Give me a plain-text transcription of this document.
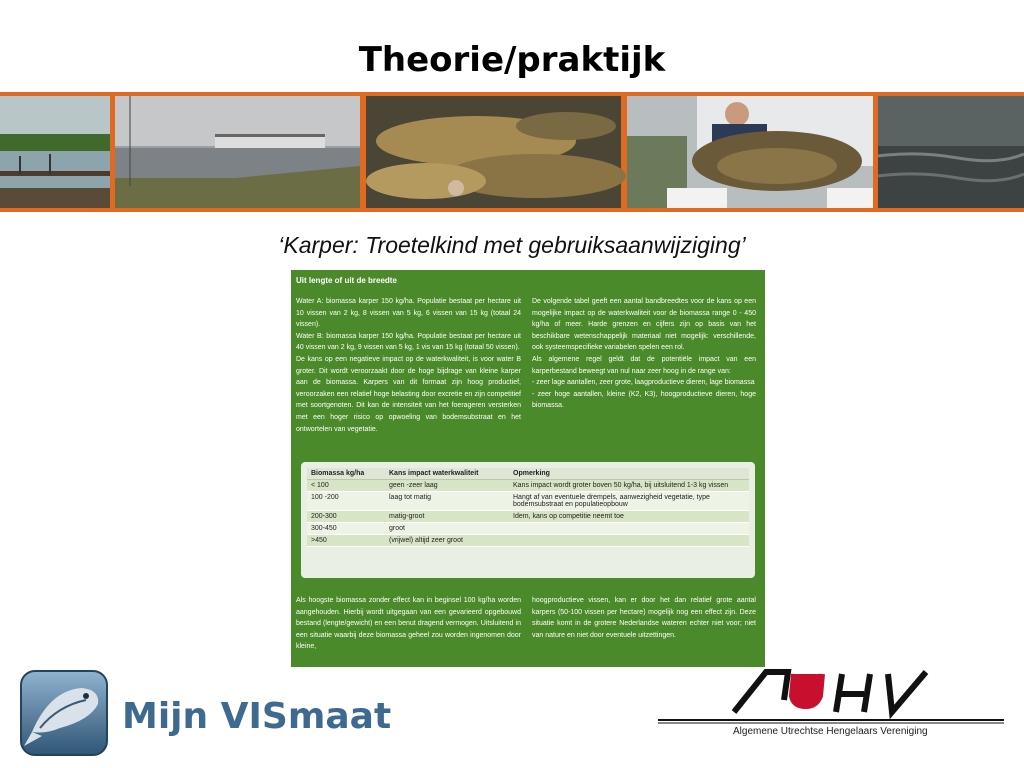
Theorie/praktijk
‘Karper: Troetelkind met gebruiksaanwijziging’
Uit lengte of uit de breedte

Water A: biomassa karper 150 kg/ha. Populatie bestaat per hectare uit 10 vissen van 2 kg, 8 vissen van 5 kg, 6 vissen van 15 kg (totaal 24 vissen).

Water B: biomassa karper 150 kg/ha. Populatie bestaat per hectare uit 40 vissen van 2 kg, 9 vissen van 5 kg, 1 vis van 15 kg (totaal 50 vissen).

De kans op een negatieve impact op de waterkwaliteit, is voor water B groter. Dit wordt veroorzaakt door de hoge bijdrage van kleine karper aan de biomassa. Karpers van dit formaat zijn hoog productief, veroorzaken een relatief hoge belasting door excretie en zijn competitief met soortgenoten. Dit kan de intensiteit van het foerageren versterken met een hoger risico op opwoeling van bodemsubstraat en het ontwortelen van vegetatie.

De volgende tabel geeft een aantal bandbreedtes voor de kans op een mogelijke impact op de waterkwaliteit voor de biomassa range 0 - 450 kg/ha of meer. Harde grenzen en cijfers zijn op basis van het beschikbare wetenschappelijk materiaal niet mogelijk: verschillende, ook systeemspecifieke variabelen spelen een rol.

Als algemene regel geldt dat de potentiële impact van een karperbestand beweegt van nul naar zeer hoog in de range van:

- zeer lage aantallen, zeer grote, laagproductieve dieren, lage biomassa

- zeer hoge aantallen, kleine (K2, K3), hoogproductieve dieren, hoge biomassa.

Biomassa kg/ha	Kans impact waterkwaliteit	Opmerking
< 100	geen -zeer laag	Kans impact wordt groter boven 50 kg/ha, bij uitsluitend 1-3 kg vissen
100 -200	laag tot matig	Hangt af van eventuele drempels, aanwezigheid vegetatie, type bodemsubstraat en populatieopbouw
200-300	matig-groot	Idem, kans op competitie neemt toe
300-450	groot	
>450	(vrijwel) altijd zeer groot	
Als hoogste biomassa zonder effect kan in beginsel 100 kg/ha worden aangehouden. Hierbij wordt uitgegaan van een gevarieerd opgebouwd bestand (lengte/gewicht) en een benut dragend vermogen. Uitsluitend in een situatie waarbij deze biomassa geheel zou worden ingenomen door kleine,
hoogproductieve vissen, kan er door het dan relatief grote aantal karpers (50-100 vissen per hectare) mogelijk nog een effect zijn. Deze situatie komt in de grotere Nederlandse wateren echter niet voor; niet van nature en niet door eventuele uitzettingen.
Mijn VISmaat	Algemene Utrechtse Hengelaars Vereniging
